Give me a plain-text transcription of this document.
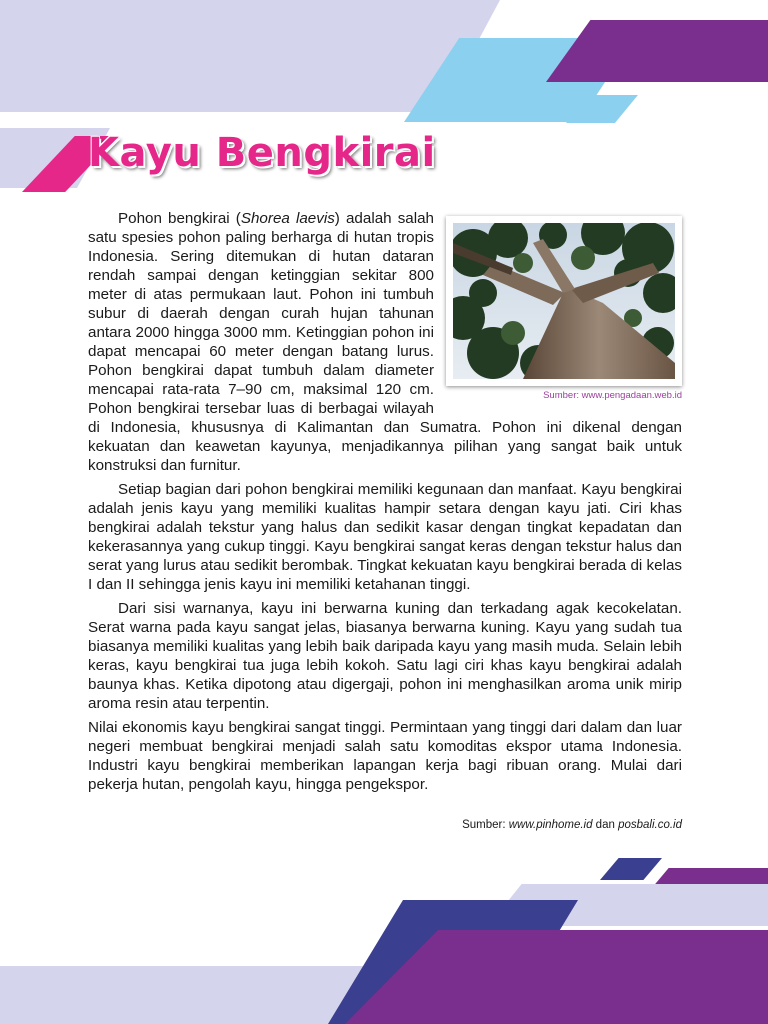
Kayu Bengkirai
Sumber: www.pengadaan.web.id

Pohon bengkirai (Shorea laevis) adalah salah satu spesies pohon paling berharga di hutan tropis Indonesia. Sering ditemukan di hutan dataran rendah sampai dengan ketinggian sekitar 800 meter di atas permukaan laut. Pohon ini tumbuh subur di daerah dengan curah hujan tahunan antara 2000 hingga 3000 mm. Ketinggian pohon ini dapat mencapai 60 meter dengan batang lurus. Pohon bengkirai dapat tumbuh dalam diameter mencapai rata-rata 7–90 cm, maksimal 120 cm. Pohon bengkirai tersebar luas di berbagai wilayah di Indonesia, khususnya di Kalimantan dan Sumatra. Pohon ini dikenal dengan kekuatan dan keawetan kayunya, menjadikannya pilihan yang sangat baik untuk konstruksi dan furnitur.

Setiap bagian dari pohon bengkirai memiliki kegunaan dan manfaat. Kayu bengkirai adalah jenis kayu yang memiliki kualitas hampir setara dengan kayu jati. Ciri khas bengkirai adalah tekstur yang halus dan sedikit kasar dengan tingkat kepadatan dan kekerasannya yang cukup tinggi. Kayu bengkirai sangat keras dengan tekstur halus dan serat yang lurus atau sedikit berombak. Tingkat kekuatan kayu bengkirai berada di kelas I dan II sehingga jenis kayu ini memiliki ketahanan tinggi.

Dari sisi warnanya, kayu ini berwarna kuning dan terkadang agak kecokelatan. Serat warna pada kayu sangat jelas, biasanya berwarna kuning. Kayu yang sudah tua biasanya memiliki kualitas yang lebih baik daripada kayu yang masih muda. Selain lebih keras, kayu bengkirai tua juga lebih kokoh. Satu lagi ciri khas kayu bengkirai adalah baunya khas. Ketika dipotong atau digergaji, pohon ini menghasilkan aroma unik mirip aroma resin atau terpentin.

Nilai ekonomis kayu bengkirai sangat tinggi. Permintaan yang tinggi dari dalam dan luar negeri membuat bengkirai menjadi salah satu komoditas ekspor utama Indonesia. Industri kayu bengkirai memberikan lapangan kerja bagi ribuan orang. Mulai dari pekerja hutan, pengolah kayu, hingga pengekspor.

Sumber: www.pinhome.id dan posbali.co.id
